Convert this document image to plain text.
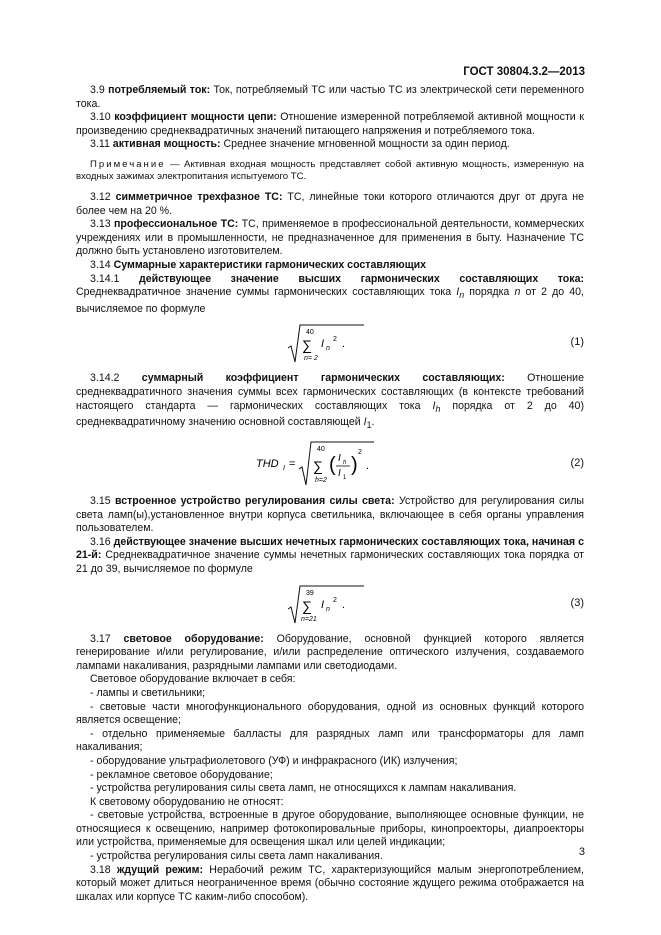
ГОСТ 30804.3.2—2013

3.9 потребляемый ток: Ток, потребляемый ТС или частью ТС из электрической сети переменного тока.

3.10 коэффициент мощности цепи: Отношение измеренной потребляемой активной мощности к произведению среднеквадратичных значений питающего напряжения и потребляемого тока.

3.11 активная мощность: Среднее значение мгновенной мощности за один период.

Примечание — Активная входная мощность представляет собой активную мощность, измеренную на входных зажимах электропитания испытуемого ТС.

3.12 симметричное трехфазное ТС: ТС, линейные токи которого отличаются друг от друга не более чем на 20 %.

3.13 профессиональное ТС: ТС, применяемое в профессиональной деятельности, коммерческих учреждениях или в промышленности, не предназначенное для применения в быту. Назначение ТС должно быть установлено изготовителем.

3.14 Суммарные характеристики гармонических составляющих

3.14.1 действующее значение высших гармонических составляющих тока: Среднеквадратичное значение суммы гармонических составляющих тока $I_n$ порядка n от 2 до 40, вычисляемое по формуле

40
∑
n= 2
I n
2 .	(1)

3.14.2 суммарный коэффициент гармонических составляющих: Отношение среднеквадратичного значения суммы всех гармонических составляющих (в контексте требований настоящего стандарта — гармонических составляющих тока $I_h$ порядка от 2 до 40) среднеквадратичному значению основной составляющей $I_1$.

THD I =
40
∑
h=2
( I h
I 1
)
2
.	(2)

3.15 встроенное устройство регулирования силы света: Устройство для регулирования силы света ламп(ы),установленное внутри корпуса светильника, включающее в себя органы управления пользователем.

3.16 действующее значение высших нечетных гармонических составляющих тока, начиная с 21-й: Среднеквадратичное значение суммы нечетных гармонических составляющих тока порядка от 21 до 39, вычисляемое по формуле

39
∑
n=21
I n
2 .	(3)

3.17 световое оборудование: Оборудование, основной функцией которого является генерирование и/или регулирование, и/или распределение оптического излучения, создаваемого лампами накаливания, разрядными лампами или светодиодами.

Световое оборудование включает в себя:

- лампы и светильники;

- световые части многофункционального оборудования, одной из основных функций которого является освещение;

- отдельно применяемые балласты для разрядных ламп или трансформаторы для ламп накаливания;

- оборудование ультрафиолетового (УФ) и инфракрасного (ИК) излучения;

- рекламное световое оборудование;

- устройства регулирования силы света ламп, не относящихся к лампам накаливания.

К световому оборудованию не относят:

- световые устройства, встроенные в другое оборудование, выполняющее основные функции, не относящиеся к освещению, например фотокопировальные приборы, кинопроекторы, диапроекторы или устройства, применяемые для освещения шкал или целей индикации;

- устройства регулирования силы света ламп накаливания.

3.18 ждущий режим: Нерабочий режим ТС, характеризующийся малым энергопотреблением, который может длиться неограниченное время (обычно состояние ждущего режима отображается на шкалах или корпусе ТС каким-либо способом).

3
